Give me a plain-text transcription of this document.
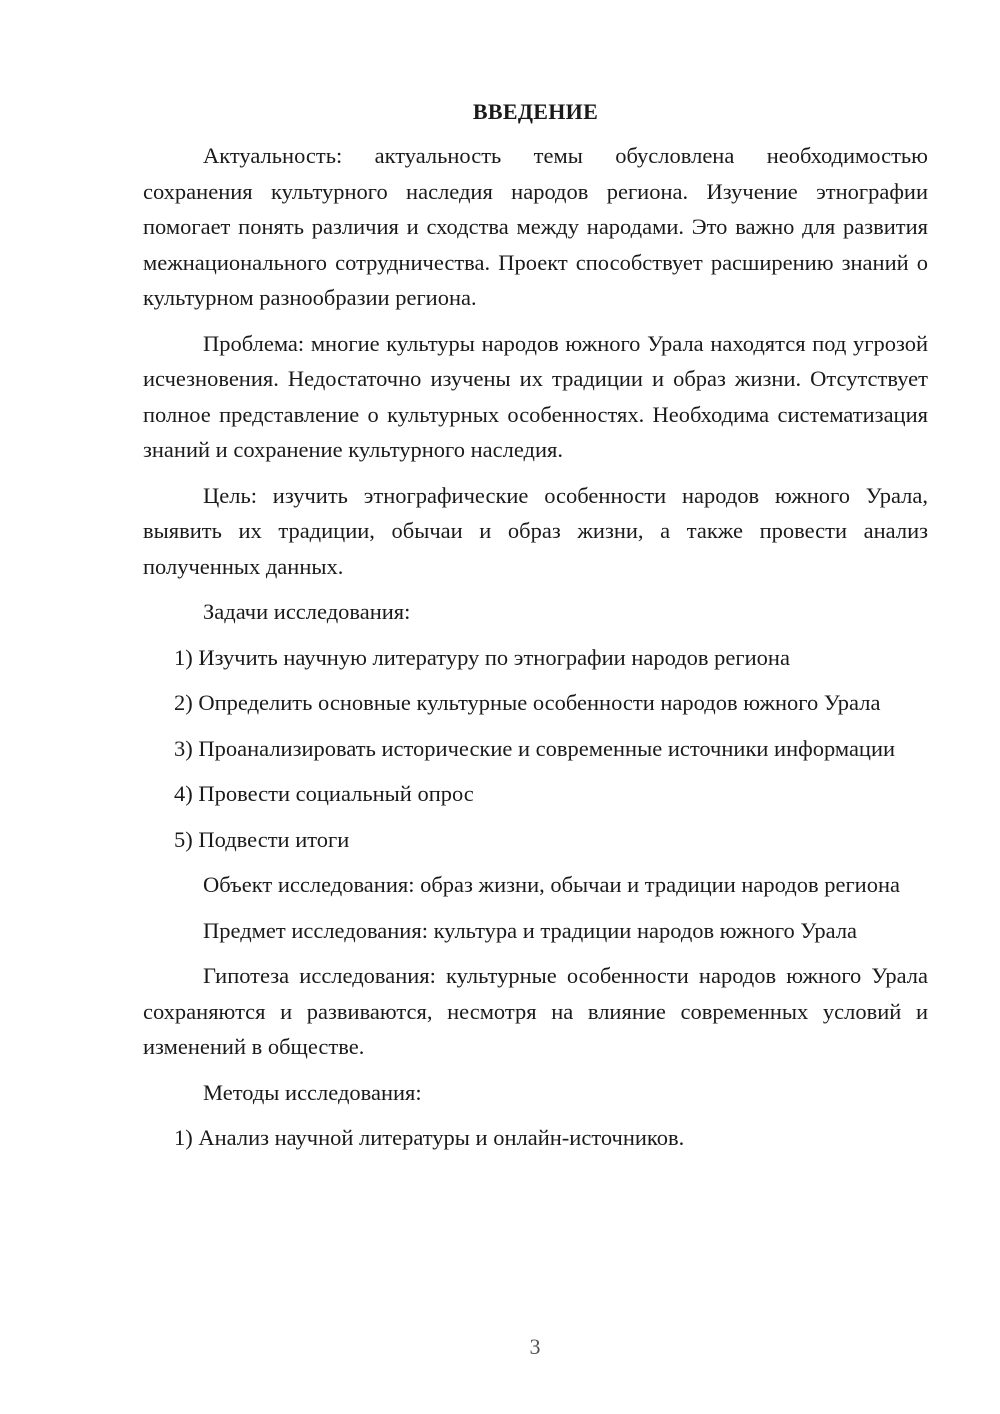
ВВЕДЕНИЕ

Актуальность: актуальность темы обусловлена необходимостью сохранения культурного наследия народов региона. Изучение этнографии помогает понять различия и сходства между народами. Это важно для развития межнационального сотрудничества. Проект способствует расширению знаний о культурном разнообразии региона.

Проблема: многие культуры народов южного Урала находятся под угрозой исчезновения. Недостаточно изучены их традиции и образ жизни. Отсутствует полное представление о культурных особенностях. Необходима систематизация знаний и сохранение культурного наследия.

Цель: изучить этнографические особенности народов южного Урала, выявить их традиции, обычаи и образ жизни, а также провести анализ полученных данных.

Задачи исследования:

1) Изучить научную литературу по этнографии народов региона

2) Определить основные культурные особенности народов южного Урала

3) Проанализировать исторические и современные источники информации

4) Провести социальный опрос

5) Подвести итоги

Объект исследования: образ жизни, обычаи и традиции народов региона

Предмет исследования: культура и традиции народов южного Урала

Гипотеза исследования: культурные особенности народов южного Урала сохраняются и развиваются, несмотря на влияние современных условий и изменений в обществе.

Методы исследования:

1) Анализ научной литературы и онлайн-источников.

3
